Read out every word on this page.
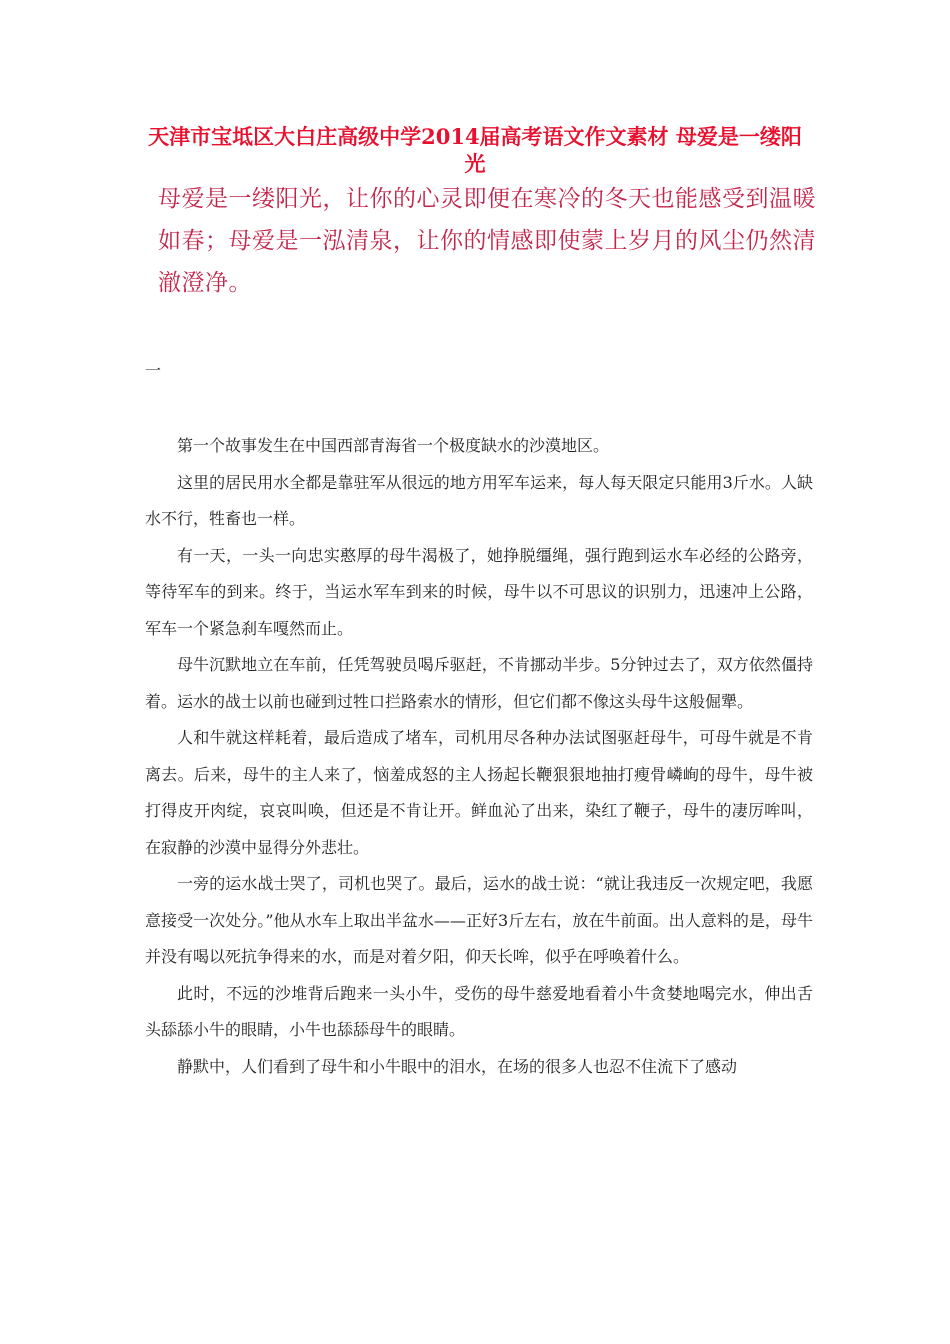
天津市宝坻区大白庄高级中学2014届高考语文作文素材 母爱是一缕阳光
母爱是一缕阳光，让你的心灵即便在寒冷的冬天也能感受到温暖
如春；母爱是一泓清泉，让你的情感即使蒙上岁月的风尘仍然清
澈澄净。
一

第一个故事发生在中国西部青海省一个极度缺水的沙漠地区。

这里的居民用水全都是靠驻军从很远的地方用军车运来，每人每天限定只能用3斤水。人缺水不行，牲畜也一样。

有一天，一头一向忠实憨厚的母牛渴极了，她挣脱缰绳，强行跑到运水车必经的公路旁，等待军车的到来。终于，当运水军车到来的时候，母牛以不可思议的识别力，迅速冲上公路，军车一个紧急刹车嘎然而止。

母牛沉默地立在车前，任凭驾驶员喝斥驱赶，不肯挪动半步。5分钟过去了，双方依然僵持着。运水的战士以前也碰到过牲口拦路索水的情形，但它们都不像这头母牛这般倔犟。

人和牛就这样耗着，最后造成了堵车，司机用尽各种办法试图驱赶母牛，可母牛就是不肯离去。后来，母牛的主人来了，恼羞成怒的主人扬起长鞭狠狠地抽打瘦骨嶙峋的母牛，母牛被打得皮开肉绽，哀哀叫唤，但还是不肯让开。鲜血沁了出来，染红了鞭子，母牛的凄厉哞叫，在寂静的沙漠中显得分外悲壮。

一旁的运水战士哭了，司机也哭了。最后，运水的战士说：“就让我违反一次规定吧，我愿意接受一次处分。”他从水车上取出半盆水——正好3斤左右，放在牛前面。出人意料的是，母牛并没有喝以死抗争得来的水，而是对着夕阳，仰天长哞，似乎在呼唤着什么。

此时，不远的沙堆背后跑来一头小牛，受伤的母牛慈爱地看着小牛贪婪地喝完水，伸出舌头舔舔小牛的眼睛，小牛也舔舔母牛的眼睛。

静默中，人们看到了母牛和小牛眼中的泪水，在场的很多人也忍不住流下了感动
